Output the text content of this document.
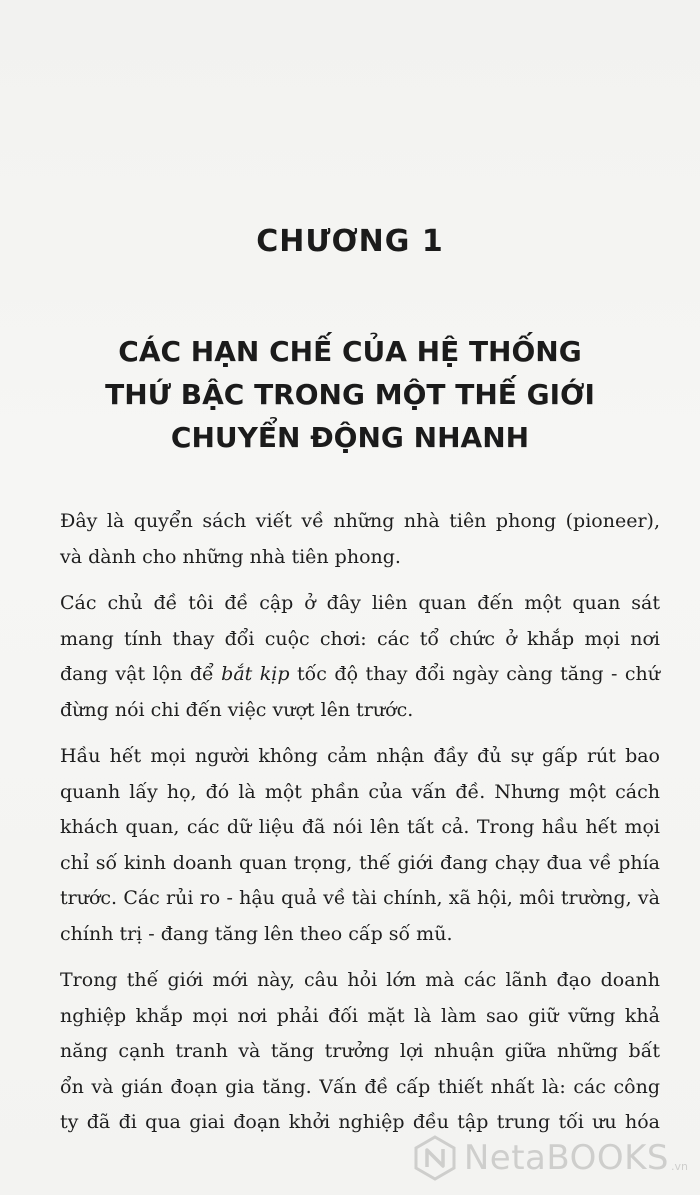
CHƯƠNG 1
CÁC HẠN CHẾ CỦA HỆ THỐNG
THỨ BẬC TRONG MỘT THẾ GIỚI
CHUYỂN ĐỘNG NHANH

Đây là quyển sách viết về những nhà tiên phong (pioneer),
và dành cho những nhà tiên phong.

Các chủ đề tôi đề cập ở đây liên quan đến một quan sát
mang tính thay đổi cuộc chơi: các tổ chức ở khắp mọi nơi
đang vật lộn để bắt kịp tốc độ thay đổi ngày càng tăng - chứ
đừng nói chi đến việc vượt lên trước.

Hầu hết mọi người không cảm nhận đầy đủ sự gấp rút bao
quanh lấy họ, đó là một phần của vấn đề. Nhưng một cách
khách quan, các dữ liệu đã nói lên tất cả. Trong hầu hết mọi
chỉ số kinh doanh quan trọng, thế giới đang chạy đua về phía
trước. Các rủi ro - hậu quả về tài chính, xã hội, môi trường, và
chính trị - đang tăng lên theo cấp số mũ.

Trong thế giới mới này, câu hỏi lớn mà các lãnh đạo doanh
nghiệp khắp mọi nơi phải đối mặt là làm sao giữ vững khả
năng cạnh tranh và tăng trưởng lợi nhuận giữa những bất
ổn và gián đoạn gia tăng. Vấn đề cấp thiết nhất là: các công
ty đã đi qua giai đoạn khởi nghiệp đều tập trung tối ưu hóa

NetaBOOKS .vn
